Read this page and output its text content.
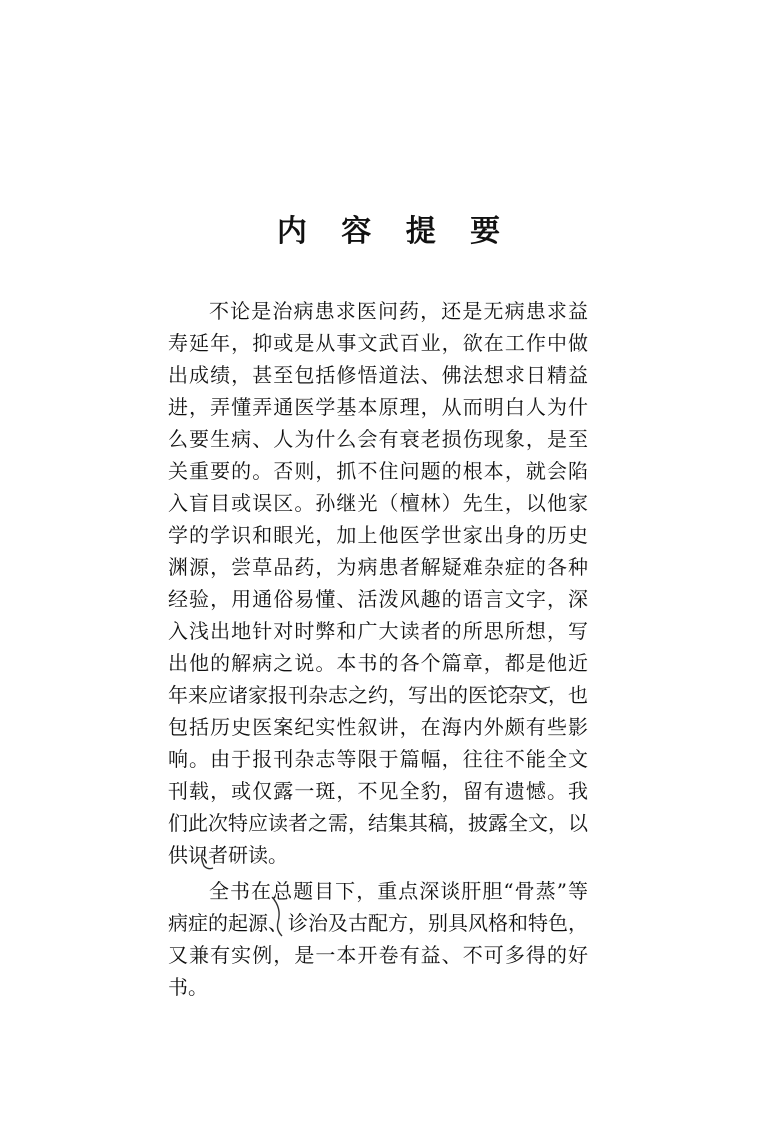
内 容 提 要
不论是治病患求医问药，还是无病患求益
寿延年，抑或是从事文武百业，欲在工作中做
出成绩，甚至包括修悟道法、佛法想求日精益
进，弄懂弄通医学基本原理，从而明白人为什
么要生病、人为什么会有衰老损伤现象，是至
关重要的。否则，抓不住问题的根本，就会陷
入盲目或误区。孙继光（檀林）先生，以他家
学的学识和眼光，加上他医学世家出身的历史
渊源，尝草品药，为病患者解疑难杂症的各种
经验，用通俗易懂、活泼风趣的语言文字，深
入浅出地针对时弊和广大读者的所思所想，写
出他的解病之说。本书的各个篇章，都是他近
年来应诸家报刊杂志之约，写出的医论杂文，也
包括历史医案纪实性叙讲，在海内外颇有些影
响。由于报刊杂志等限于篇幅，往往不能全文
刊载，或仅露一斑，不见全豹，留有遗憾。我
们此次特应读者之需，结集其稿，披露全文，以
供识者研读。
全书在总题目下，重点深谈肝胆“骨蒸”等
病症的起源、诊治及古配方，别具风格和特色，
又兼有实例，是一本开卷有益、不可多得的好
书。
